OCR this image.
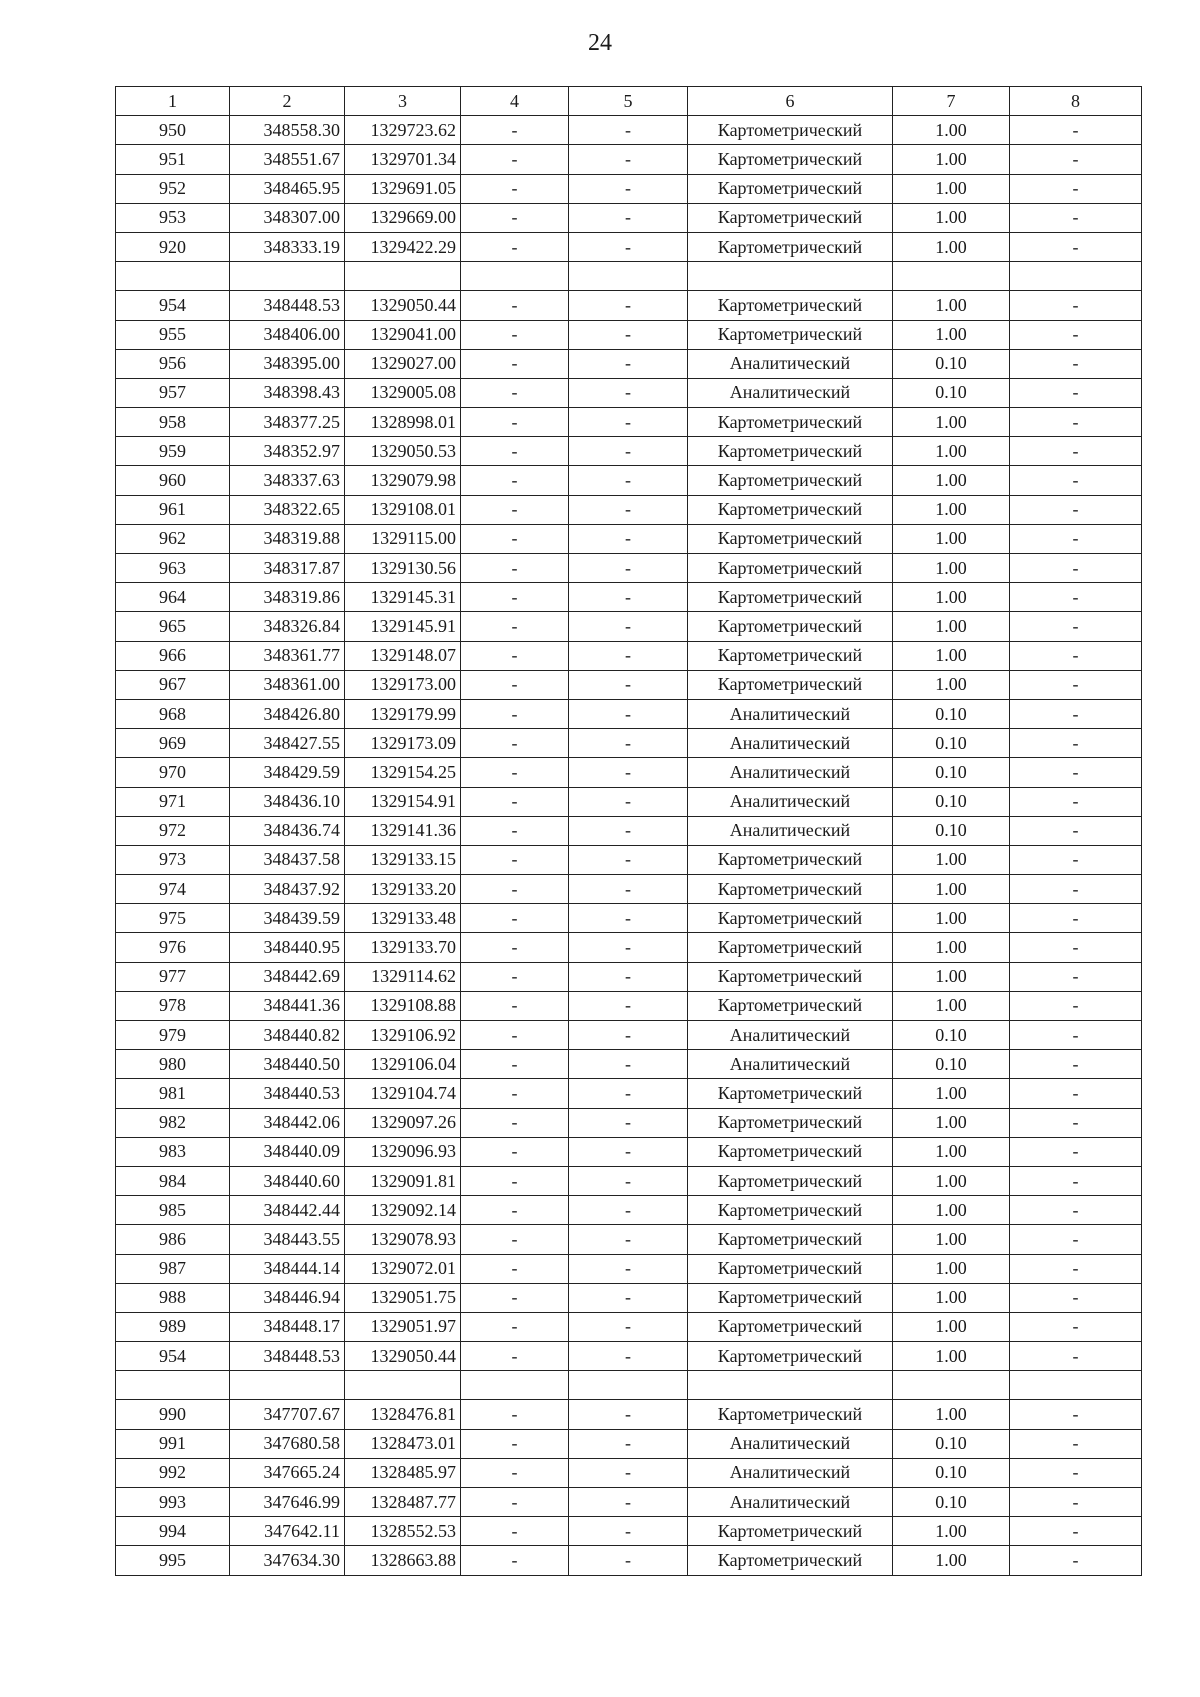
24
1	2	3	4	5	6	7	8
950	348558.30	1329723.62	-	-	Картометрический	1.00	-
951	348551.67	1329701.34	-	-	Картометрический	1.00	-
952	348465.95	1329691.05	-	-	Картометрический	1.00	-
953	348307.00	1329669.00	-	-	Картометрический	1.00	-
920	348333.19	1329422.29	-	-	Картометрический	1.00	-

954	348448.53	1329050.44	-	-	Картометрический	1.00	-
955	348406.00	1329041.00	-	-	Картометрический	1.00	-
956	348395.00	1329027.00	-	-	Аналитический	0.10	-
957	348398.43	1329005.08	-	-	Аналитический	0.10	-
958	348377.25	1328998.01	-	-	Картометрический	1.00	-
959	348352.97	1329050.53	-	-	Картометрический	1.00	-
960	348337.63	1329079.98	-	-	Картометрический	1.00	-
961	348322.65	1329108.01	-	-	Картометрический	1.00	-
962	348319.88	1329115.00	-	-	Картометрический	1.00	-
963	348317.87	1329130.56	-	-	Картометрический	1.00	-
964	348319.86	1329145.31	-	-	Картометрический	1.00	-
965	348326.84	1329145.91	-	-	Картометрический	1.00	-
966	348361.77	1329148.07	-	-	Картометрический	1.00	-
967	348361.00	1329173.00	-	-	Картометрический	1.00	-
968	348426.80	1329179.99	-	-	Аналитический	0.10	-
969	348427.55	1329173.09	-	-	Аналитический	0.10	-
970	348429.59	1329154.25	-	-	Аналитический	0.10	-
971	348436.10	1329154.91	-	-	Аналитический	0.10	-
972	348436.74	1329141.36	-	-	Аналитический	0.10	-
973	348437.58	1329133.15	-	-	Картометрический	1.00	-
974	348437.92	1329133.20	-	-	Картометрический	1.00	-
975	348439.59	1329133.48	-	-	Картометрический	1.00	-
976	348440.95	1329133.70	-	-	Картометрический	1.00	-
977	348442.69	1329114.62	-	-	Картометрический	1.00	-
978	348441.36	1329108.88	-	-	Картометрический	1.00	-
979	348440.82	1329106.92	-	-	Аналитический	0.10	-
980	348440.50	1329106.04	-	-	Аналитический	0.10	-
981	348440.53	1329104.74	-	-	Картометрический	1.00	-
982	348442.06	1329097.26	-	-	Картометрический	1.00	-
983	348440.09	1329096.93	-	-	Картометрический	1.00	-
984	348440.60	1329091.81	-	-	Картометрический	1.00	-
985	348442.44	1329092.14	-	-	Картометрический	1.00	-
986	348443.55	1329078.93	-	-	Картометрический	1.00	-
987	348444.14	1329072.01	-	-	Картометрический	1.00	-
988	348446.94	1329051.75	-	-	Картометрический	1.00	-
989	348448.17	1329051.97	-	-	Картометрический	1.00	-
954	348448.53	1329050.44	-	-	Картометрический	1.00	-

990	347707.67	1328476.81	-	-	Картометрический	1.00	-
991	347680.58	1328473.01	-	-	Аналитический	0.10	-
992	347665.24	1328485.97	-	-	Аналитический	0.10	-
993	347646.99	1328487.77	-	-	Аналитический	0.10	-
994	347642.11	1328552.53	-	-	Картометрический	1.00	-
995	347634.30	1328663.88	-	-	Картометрический	1.00	-
